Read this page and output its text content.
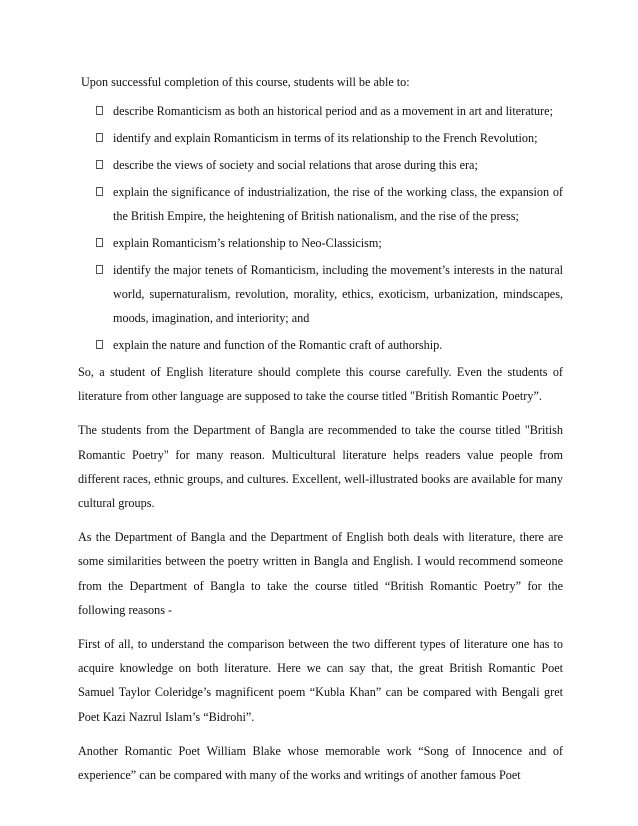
Upon successful completion of this course, students will be able to:
describe Romanticism as both an historical period and as a movement in art and literature;
identify and explain Romanticism in terms of its relationship to the French Revolution;
describe the views of society and social relations that arose during this era;
explain the significance of industrialization, the rise of the working class, the expansion of the British Empire, the heightening of British nationalism, and the rise of the press;
explain Romanticism’s relationship to Neo-Classicism;
identify the major tenets of Romanticism, including the movement’s interests in the natural world, supernaturalism, revolution, morality, ethics, exoticism, urbanization, mindscapes, moods, imagination, and interiority; and
explain the nature and function of the Romantic craft of authorship.

So, a student of English literature should complete this course carefully. Even the students of literature from other language are supposed to take the course titled "British Romantic Poetry”.

The students from the Department of Bangla are recommended to take the course titled "British Romantic Poetry" for many reason. Multicultural literature helps readers value people from different races, ethnic groups, and cultures. Excellent, well-illustrated books are available for many cultural groups.

As the Department of Bangla and the Department of English both deals with literature, there are some similarities between the poetry written in Bangla and English. I would recommend someone from the Department of Bangla to take the course titled “British Romantic Poetry” for the following reasons -

First of all, to understand the comparison between the two different types of literature one has to acquire knowledge on both literature. Here we can say that, the great British Romantic Poet Samuel Taylor Coleridge’s magnificent poem “Kubla Khan” can be compared with Bengali gret Poet Kazi Nazrul Islam’s “Bidrohi”.

Another Romantic Poet William Blake whose memorable work “Song of Innocence and of experience” can be compared with many of the works and writings of another famous Poet
